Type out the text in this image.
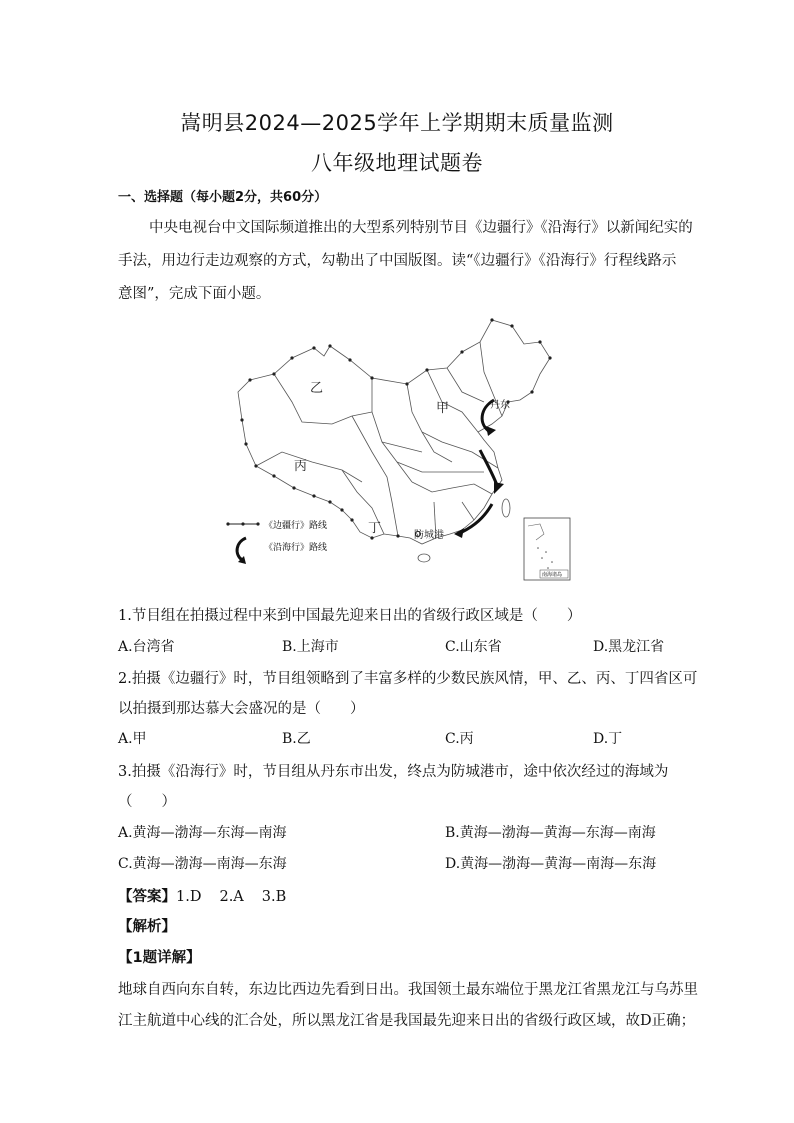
嵩明县2024—2025学年上学期期末质量监测
八年级地理试题卷
一、选择题（每小题2分，共60分）
中央电视台中文国际频道推出的大型系列特别节目《边疆行》《沿海行》以新闻纪实的
手法，用边行走边观察的方式，勾勒出了中国版图。读“《边疆行》《沿海行》行程线路示
意图”，完成下面小题。
乙
甲
丙
丁
丹东
防城港
《边疆行》路线
《沿海行》路线
南海诸岛
1.节目组在拍摄过程中来到中国最先迎来日出的省级行政区域是（　　）
A.台湾省	B.上海市	C.山东省	D.黑龙江省
2.拍摄《边疆行》时，节目组领略到了丰富多样的少数民族风情，甲、乙、丙、丁四省区可
以拍摄到那达慕大会盛况的是（　　）
A.甲	B.乙	C.丙	D.丁
3.拍摄《沿海行》时，节目组从丹东市出发，终点为防城港市，途中依次经过的海域为
（　　）
A.黄海—渤海—东海—南海	B.黄海—渤海—黄海—东海—南海
C.黄海—渤海—南海—东海	D.黄海—渤海—黄海—南海—东海
【答案】1.D 2.A 3.B
【解析】
【1题详解】
地球自西向东自转，东边比西边先看到日出。我国领土最东端位于黑龙江省黑龙江与乌苏里
江主航道中心线的汇合处，所以黑龙江省是我国最先迎来日出的省级行政区域，故D正确；
